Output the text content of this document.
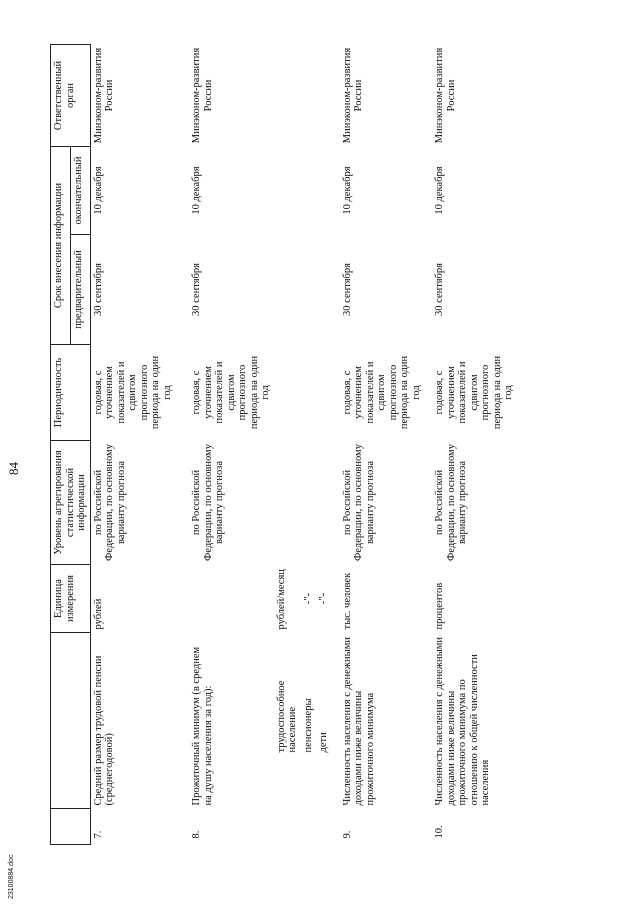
84
23100884.doc
		Единица измерения	Уровень агрегирования статистической информации	Периодичность	Срок внесения информации		Ответственный орган
					предварительный	окончательный	
7.	Средний размер трудовой пенсии (среднегодовой)	рублей	по Российской Федерации, по основному варианту прогноза	годовая, с уточнением показателей и сдвигом прогнозного периода на один год	30 сентября	10 декабря	Минэконом-развития России

8.	Прожиточный минимум (в среднем на душу населения за год):		по Российской Федерации, по основному варианту прогноза	годовая, с уточнением показателей и сдвигом прогнозного периода на один год	30 сентября	10 декабря	Минэконом-развития России
	трудоспособное население	рублей/месяц					
	пенсионеры	-"-					
	дети	-"-					

9.	Численность населения с денежными доходами ниже величины прожиточного минимума	тыс. человек	по Российской Федерации, по основному варианту прогноза	годовая, с уточнением показателей и сдвигом прогнозного периода на один год	30 сентября	10 декабря	Минэконом-развития России

10.	Численность населения с денежными доходами ниже величины прожиточного минимума по отношению к общей численности населения	процентов	по Российской Федерации, по основному варианту прогноза	годовая, с уточнением показателей и сдвигом прогнозного периода на один год	30 сентября	10 декабря	Минэконом-развития России
